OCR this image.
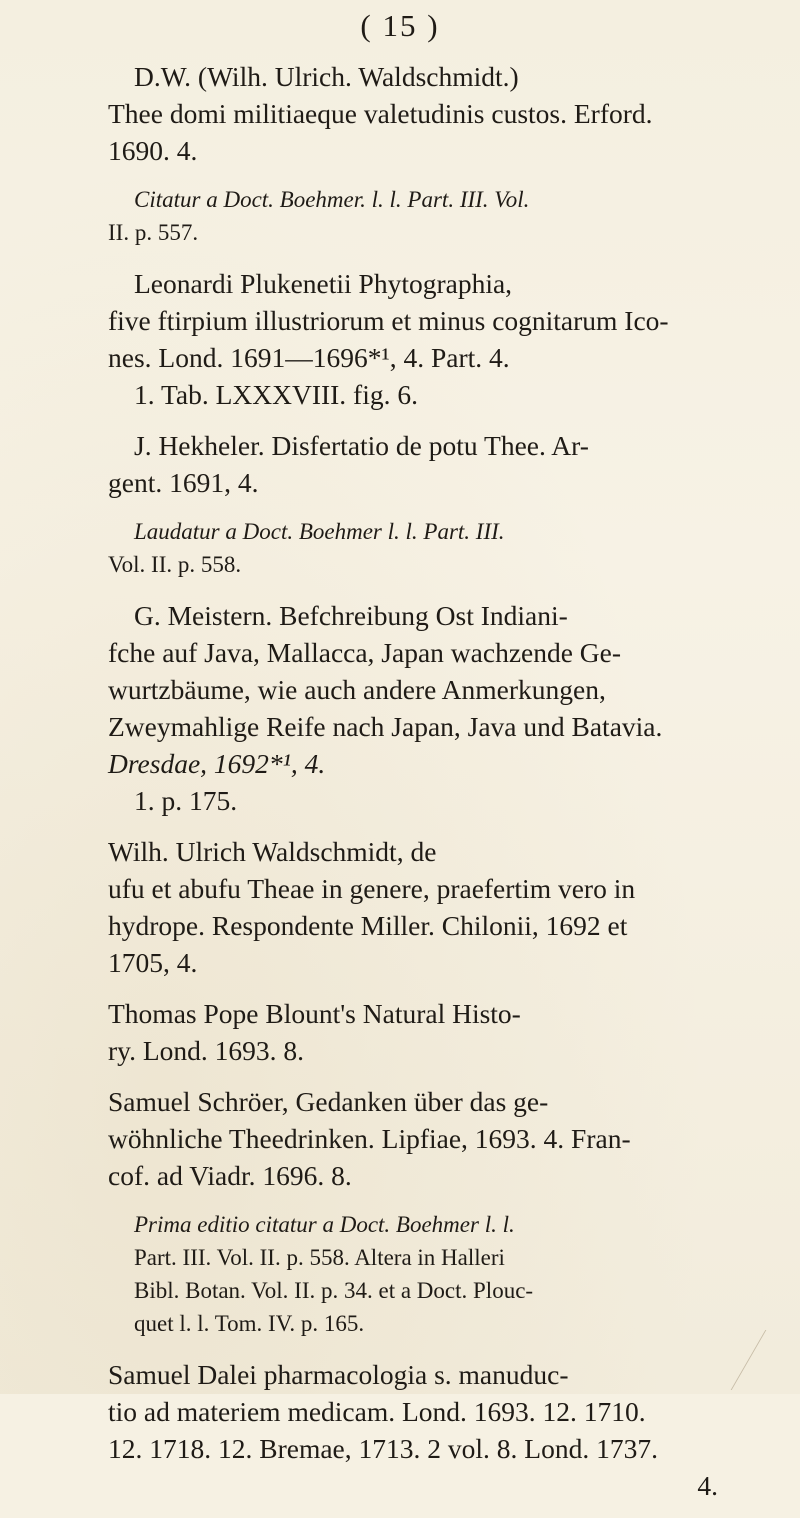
( 15 )
D.W. (Wilh. Ulrich. Waldschmidt.)
Thee domi militiaeque valetudinis custos. Erford.
1690. 4.
Citatur a Doct. Boehmer. l. l. Part. III. Vol.
II. p. 557.
Leonardi Plukenetii Phytographia,
five ftirpium illustriorum et minus cognitarum Ico-
nes. Lond. 1691—1696*¹, 4. Part. 4.
1. Tab. LXXXVIII. fig. 6.
J. Hekheler. Disfertatio de potu Thee. Ar-
gent. 1691, 4.
Laudatur a Doct. Boehmer l. l. Part. III.
Vol. II. p. 558.
G. Meistern. Befchreibung Ost Indiani-
fche auf Java, Mallacca, Japan wachzende Ge-
wurtzbäume, wie auch andere Anmerkungen,
Zweymahlige Reife nach Japan, Java und Batavia.
Dresdae, 1692*¹, 4.
1. p. 175.
Wilh. Ulrich Waldschmidt, de
ufu et abufu Theae in genere, praefertim vero in
hydrope. Respondente Miller. Chilonii, 1692 et
1705, 4.
Thomas Pope Blount's Natural Histo-
ry. Lond. 1693. 8.
Samuel Schröer, Gedanken über das ge-
wöhnliche Theedrinken. Lipfiae, 1693. 4. Fran-
cof. ad Viadr. 1696. 8.
Prima editio citatur a Doct. Boehmer l. l.
Part. III. Vol. II. p. 558. Altera in Halleri
Bibl. Botan. Vol. II. p. 34. et a Doct. Plouc-
quet l. l. Tom. IV. p. 165.
Samuel Dalei pharmacologia s. manuduc-
tio ad materiem medicam. Lond. 1693. 12. 1710.
12. 1718. 12. Bremae, 1713. 2 vol. 8. Lond. 1737.
4.
